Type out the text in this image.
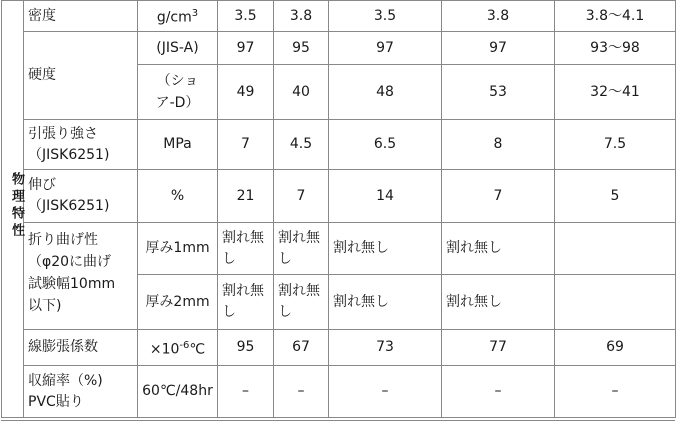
物理特性	密度	$g/cm^3$	3.5	3.8	3.5	3.8	3.8〜4.1
	硬度	(JIS-A)	97	95	97	97	93〜98
		（ショア-D）	49	40	48	53	32〜41

	引張り強さ
（JISK6251)	MPa	7	4.5	6.5	8	7.5

	伸び
（JISK6251)	%	21	7	14	7	5

	折り曲げ性
（φ20に曲げ
試験幅10mm
以下)	厚み1mm	割れ無し	割れ無し	割れ無し	割れ無し	
		厚み2mm	割れ無し	割れ無し	割れ無し	割れ無し	
	線膨張係数	$\times 10^{-6}℃$	95	67	73	77	69

	収縮率（%)
PVC貼り	60℃/48hr	–	–	–	–	–
